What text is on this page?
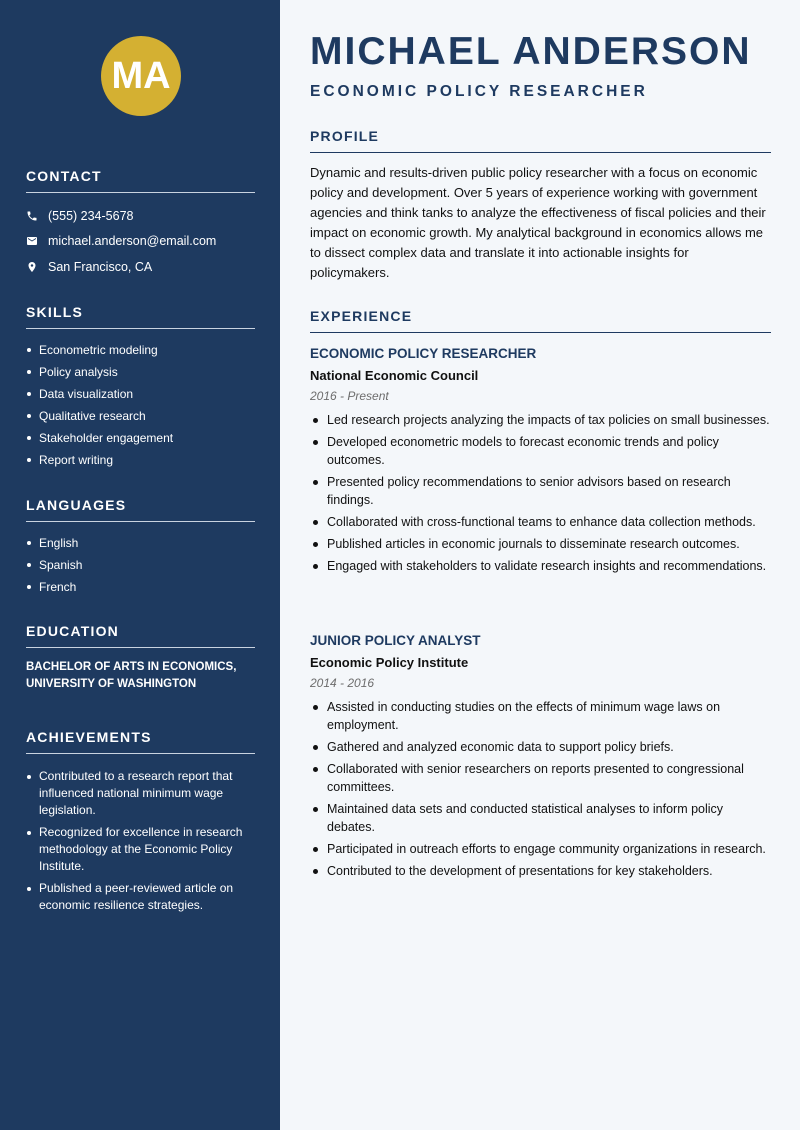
MA
CONTACT
(555) 234-5678
michael.anderson@email.com
San Francisco, CA
SKILLS
Econometric modeling
Policy analysis
Data visualization
Qualitative research
Stakeholder engagement
Report writing
LANGUAGES
English
Spanish
French
EDUCATION

BACHELOR OF ARTS IN ECONOMICS, UNIVERSITY OF WASHINGTON

ACHIEVEMENTS
Contributed to a research report that influenced national minimum wage legislation.
Recognized for excellence in research methodology at the Economic Policy Institute.
Published a peer-reviewed article on economic resilience strategies.
MICHAEL ANDERSON
ECONOMIC POLICY RESEARCHER
PROFILE

Dynamic and results-driven public policy researcher with a focus on economic policy and development. Over 5 years of experience working with government agencies and think tanks to analyze the effectiveness of fiscal policies and their impact on economic growth. My analytical background in economics allows me to dissect complex data and translate it into actionable insights for policymakers.

EXPERIENCE
ECONOMIC POLICY RESEARCHER
National Economic Council
2016 - Present
Led research projects analyzing the impacts of tax policies on small businesses.
Developed econometric models to forecast economic trends and policy outcomes.
Presented policy recommendations to senior advisors based on research findings.
Collaborated with cross-functional teams to enhance data collection methods.
Published articles in economic journals to disseminate research outcomes.
Engaged with stakeholders to validate research insights and recommendations.
JUNIOR POLICY ANALYST
Economic Policy Institute
2014 - 2016
Assisted in conducting studies on the effects of minimum wage laws on employment.
Gathered and analyzed economic data to support policy briefs.
Collaborated with senior researchers on reports presented to congressional committees.
Maintained data sets and conducted statistical analyses to inform policy debates.
Participated in outreach efforts to engage community organizations in research.
Contributed to the development of presentations for key stakeholders.
